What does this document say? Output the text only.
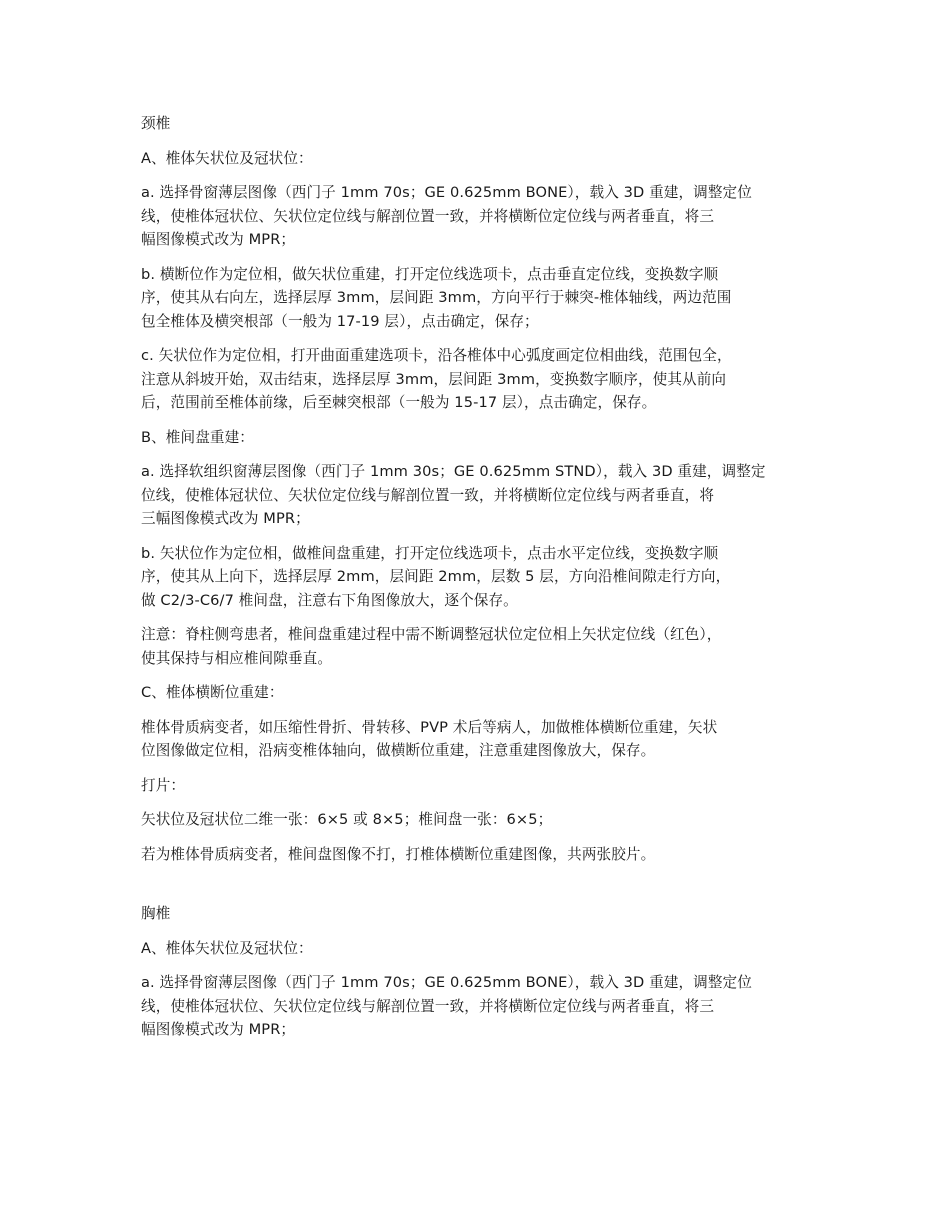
颈椎

A、椎体矢状位及冠状位：

a. 选择骨窗薄层图像（西门子 1mm 70s；GE 0.625mm BONE），载入 3D 重建，调整定位

线，使椎体冠状位、矢状位定位线与解剖位置一致，并将横断位定位线与两者垂直，将三

幅图像模式改为 MPR；

b. 横断位作为定位相，做矢状位重建，打开定位线选项卡，点击垂直定位线，变换数字顺

序，使其从右向左，选择层厚 3mm，层间距 3mm，方向平行于棘突-椎体轴线，两边范围

包全椎体及横突根部（一般为 17-19 层），点击确定，保存；

c. 矢状位作为定位相，打开曲面重建选项卡，沿各椎体中心弧度画定位相曲线，范围包全，

注意从斜坡开始，双击结束，选择层厚 3mm，层间距 3mm，变换数字顺序，使其从前向

后，范围前至椎体前缘，后至棘突根部（一般为 15-17 层），点击确定，保存。

B、椎间盘重建：

a. 选择软组织窗薄层图像（西门子 1mm 30s；GE 0.625mm STND），载入 3D 重建，调整定

位线，使椎体冠状位、矢状位定位线与解剖位置一致，并将横断位定位线与两者垂直，将

三幅图像模式改为 MPR；

b. 矢状位作为定位相，做椎间盘重建，打开定位线选项卡，点击水平定位线，变换数字顺

序，使其从上向下，选择层厚 2mm，层间距 2mm，层数 5 层，方向沿椎间隙走行方向，

做 C2/3-C6/7 椎间盘，注意右下角图像放大，逐个保存。

注意：脊柱侧弯患者，椎间盘重建过程中需不断调整冠状位定位相上矢状定位线（红色），

使其保持与相应椎间隙垂直。

C、椎体横断位重建：

椎体骨质病变者，如压缩性骨折、骨转移、PVP 术后等病人，加做椎体横断位重建，矢状

位图像做定位相，沿病变椎体轴向，做横断位重建，注意重建图像放大，保存。

打片：

矢状位及冠状位二维一张：6×5 或 8×5；椎间盘一张：6×5；

若为椎体骨质病变者，椎间盘图像不打，打椎体横断位重建图像，共两张胶片。

胸椎

A、椎体矢状位及冠状位：

a. 选择骨窗薄层图像（西门子 1mm 70s；GE 0.625mm BONE），载入 3D 重建，调整定位

线，使椎体冠状位、矢状位定位线与解剖位置一致，并将横断位定位线与两者垂直，将三

幅图像模式改为 MPR；
